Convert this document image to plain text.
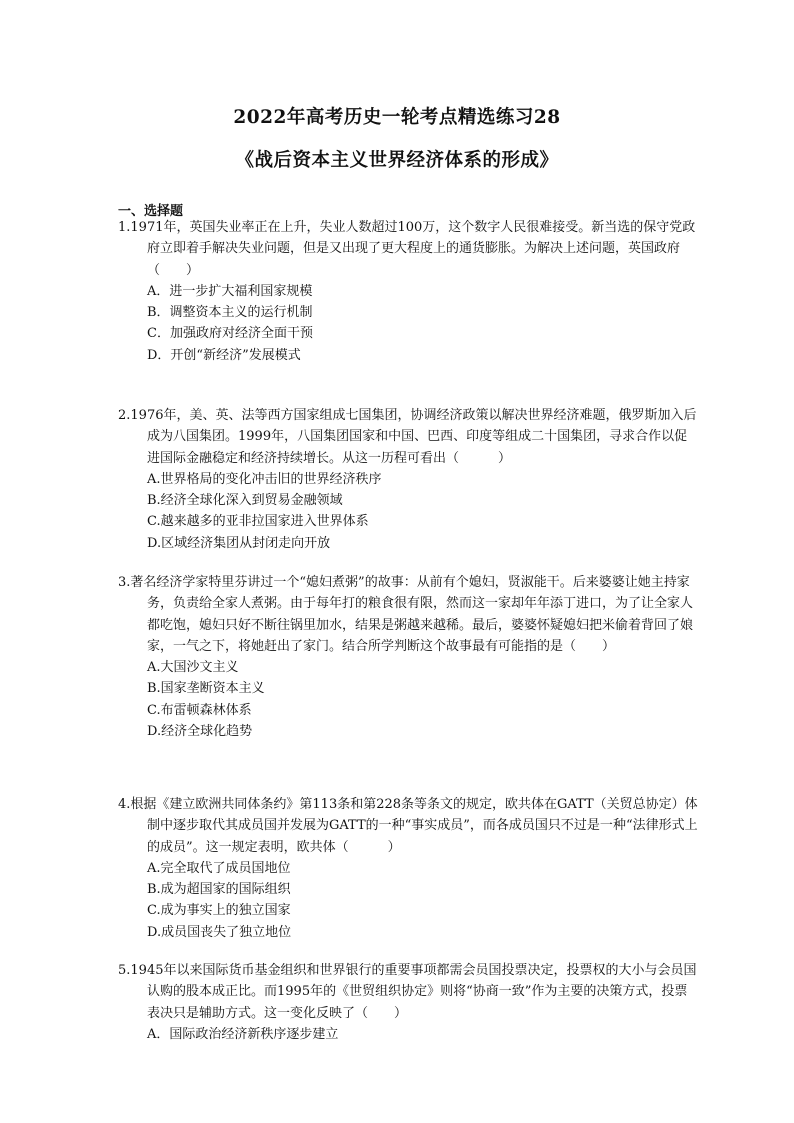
2022年高考历史一轮考点精选练习28
《战后资本主义世界经济体系的形成》
一、选择题

1.1971年，英国失业率正在上升，失业人数超过100万，这个数字人民很难接受。新当选的保守党政府立即着手解决失业问题，但是又出现了更大程度上的通货膨胀。为解决上述问题，英国政府（　　）

A．进一步扩大福利国家规模

B．调整资本主义的运行机制

C．加强政府对经济全面干预

D．开创“新经济”发展模式

2.1976年，美、英、法等西方国家组成七国集团，协调经济政策以解决世界经济难题，俄罗斯加入后成为八国集团。1999年，八国集团国家和中国、巴西、印度等组成二十国集团，寻求合作以促进国际金融稳定和经济持续增长。从这一历程可看出（　　　）

A.世界格局的变化冲击旧的世界经济秩序

B.经济全球化深入到贸易金融领域

C.越来越多的亚非拉国家进入世界体系

D.区域经济集团从封闭走向开放

3.著名经济学家特里芬讲过一个“媳妇煮粥”的故事：从前有个媳妇，贤淑能干。后来婆婆让她主持家务，负责给全家人煮粥。由于每年打的粮食很有限，然而这一家却年年添丁进口，为了让全家人都吃饱，媳妇只好不断往锅里加水，结果是粥越来越稀。最后，婆婆怀疑媳妇把米偷着背回了娘家，一气之下，将她赶出了家门。结合所学判断这个故事最有可能指的是（　　）

A.大国沙文主义

B.国家垄断资本主义

C.布雷顿森林体系

D.经济全球化趋势

4.根据《建立欧洲共同体条约》第113条和第228条等条文的规定，欧共体在GATT（关贸总协定）体制中逐步取代其成员国并发展为GATT的一种“事实成员”，而各成员国只不过是一种“法律形式上的成员”。这一规定表明，欧共体（　　　）

A.完全取代了成员国地位

B.成为超国家的国际组织

C.成为事实上的独立国家

D.成员国丧失了独立地位

5.1945年以来国际货币基金组织和世界银行的重要事项都需会员国投票决定，投票权的大小与会员国认购的股本成正比。而1995年的《世贸组织协定》则将“协商一致”作为主要的决策方式，投票表决只是辅助方式。这一变化反映了（　　）

A．国际政治经济新秩序逐步建立
